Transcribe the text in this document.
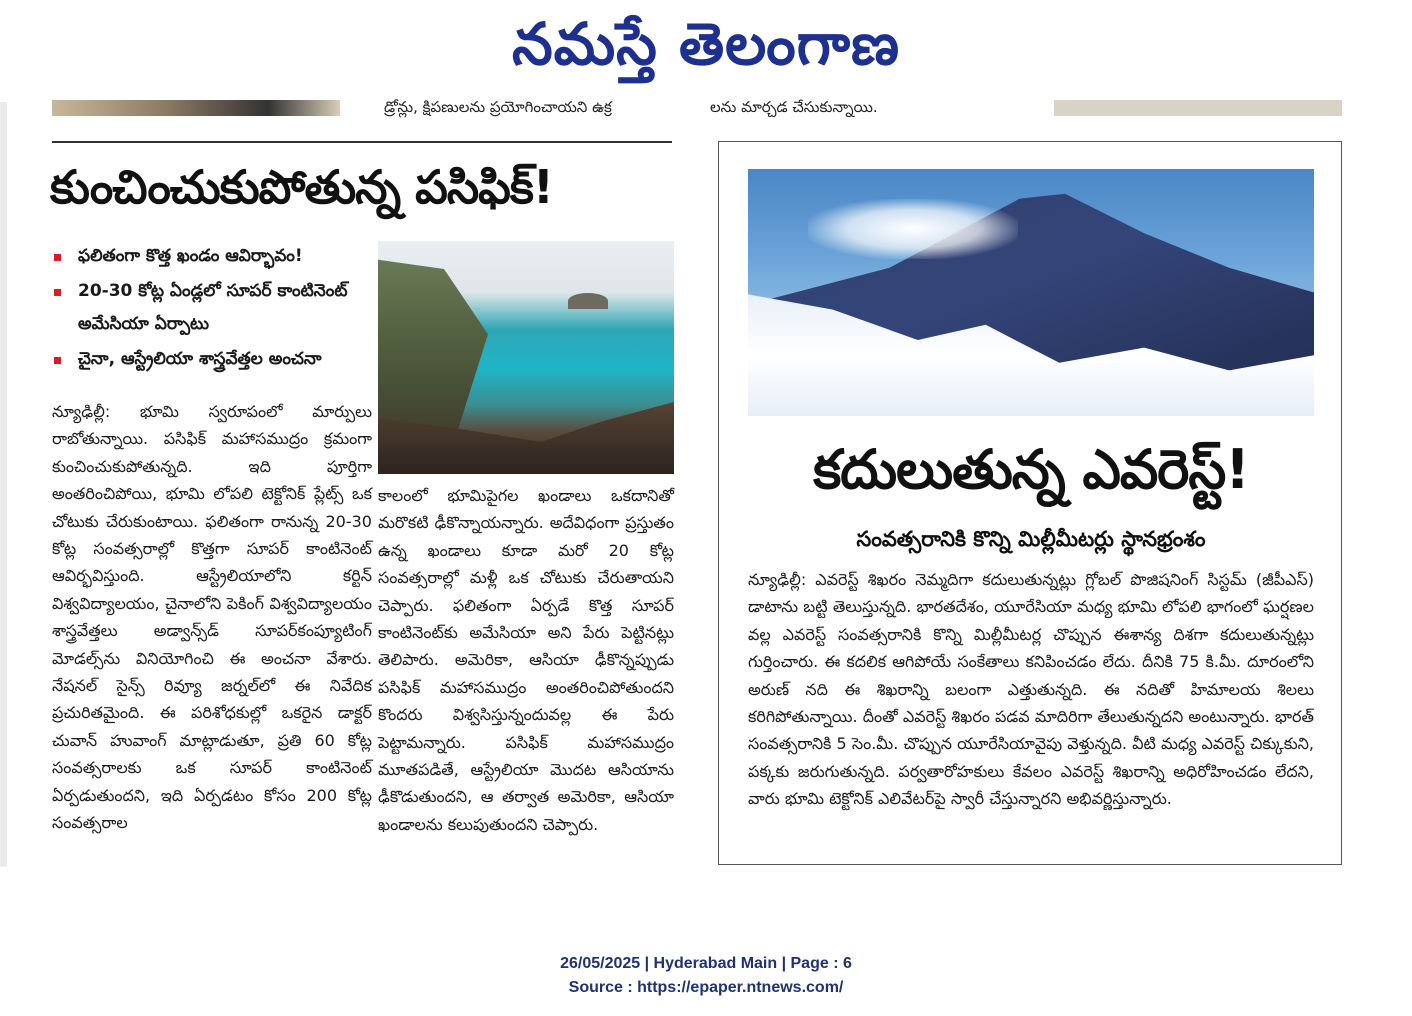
నమస్తే తెలంగాణ
డ్రోన్లు, క్షిపణులను ప్రయోగించాయని ఉక్ర	లను మార్చడ చేసుకున్నాయి.
కుంచించుకుపోతున్న పసిఫిక్!
ఫలితంగా కొత్త ఖండం ఆవిర్భావం!
20-30 కోట్ల ఏండ్లలో సూపర్ కాంటినెంట్ అమేసియా ఏర్పాటు
చైనా, ఆస్ట్రేలియా శాస్త్రవేత్తల అంచనా
న్యూఢిల్లీ: భూమి స్వరూపంలో మార్పులు రాబోతున్నాయి. పసిఫిక్ మహాసముద్రం క్రమంగా కుంచించుకుపోతున్నది. ఇది పూర్తిగా అంతరించిపోయి, భూమి లోపలి టెక్టోనిక్ ప్లేట్స్ ఒక చోటుకు చేరుకుంటాయి. ఫలితంగా రానున్న 20-30 కోట్ల సంవత్సరాల్లో కొత్తగా సూపర్ కాంటినెంట్ ఆవిర్భవిస్తుంది. ఆస్ట్రేలియాలోని కర్టిన్ విశ్వవిద్యాలయం, చైనాలోని పెకింగ్ విశ్వవిద్యాలయం శాస్త్రవేత్తలు అడ్వాన్స్‌డ్ సూపర్‌కంప్యూటింగ్ మోడల్స్‌ను వినియోగించి ఈ అంచనా వేశారు. నేషనల్ సైన్స్ రివ్యూ జర్నల్‌లో ఈ నివేదిక ప్రచురితమైంది. ఈ పరిశోధకుల్లో ఒకరైన డాక్టర్ చువాన్ హువాంగ్ మాట్లాడుతూ, ప్రతి 60 కోట్ల సంవత్సరాలకు ఒక సూపర్ కాంటినెంట్ ఏర్పడుతుందని, ఇది ఏర్పడటం కోసం 200 కోట్ల సంవత్సరాల
కాలంలో భూమిపైగల ఖండాలు ఒకదానితో మరొకటి ఢీకొన్నాయన్నారు. అదేవిధంగా ప్రస్తుతం ఉన్న ఖండాలు కూడా మరో 20 కోట్ల సంవత్సరాల్లో మళ్లీ ఒక చోటుకు చేరుతాయని చెప్పారు. ఫలితంగా ఏర్పడే కొత్త సూపర్ కాంటినెంట్‌కు అమేసియా అని పేరు పెట్టినట్లు తెలిపారు. అమెరికా, ఆసియా ఢీకొన్నప్పుడు పసిఫిక్ మహాసముద్రం అంతరించిపోతుందని కొందరు విశ్వసిస్తున్నందువల్ల ఈ పేరు పెట్టామన్నారు. పసిఫిక్ మహాసముద్రం మూతపడితే, ఆస్ట్రేలియా మొదట ఆసియాను ఢీకొడుతుందని, ఆ తర్వాత అమెరికా, ఆసియా ఖండాలను కలుపుతుందని చెప్పారు.
కదులుతున్న ఎవరెస్ట్!
సంవత్సరానికి కొన్ని మిల్లీమీటర్లు స్థానభ్రంశం
న్యూఢిల్లీ: ఎవరెస్ట్ శిఖరం నెమ్మదిగా కదులుతున్నట్లు గ్లోబల్ పొజిషనింగ్ సిస్టమ్ (జీపీఎస్) డాటాను బట్టి తెలుస్తున్నది. భారతదేశం, యూరేసియా మధ్య భూమి లోపలి భాగంలో ఘర్షణల వల్ల ఎవరెస్ట్ సంవత్సరానికి కొన్ని మిల్లీమీటర్ల చొప్పున ఈశాన్య దిశగా కదులుతున్నట్లు గుర్తించారు. ఈ కదలిక ఆగిపోయే సంకేతాలు కనిపించడం లేదు. దీనికి 75 కి.మీ. దూరంలోని అరుణ్ నది ఈ శిఖరాన్ని బలంగా ఎత్తుతున్నది. ఈ నదితో హిమాలయ శిలలు కరిగిపోతున్నాయి. దీంతో ఎవరెస్ట్ శిఖరం పడవ మాదిరిగా తేలుతున్నదని అంటున్నారు. భారత్ సంవత్సరానికి 5 సెం.మీ. చొప్పున యూరేసియావైపు వెళ్తున్నది. వీటి మధ్య ఎవరెస్ట్ చిక్కుకుని, పక్కకు జరుగుతున్నది. పర్వతారోహకులు కేవలం ఎవరెస్ట్ శిఖరాన్ని అధిరోహించడం లేదని, వారు భూమి టెక్టోనిక్ ఎలివేటర్‌పై స్వారీ చేస్తున్నారని అభివర్ణిస్తున్నారు.
26/05/2025 | Hyderabad Main | Page : 6
Source : https://epaper.ntnews.com/
